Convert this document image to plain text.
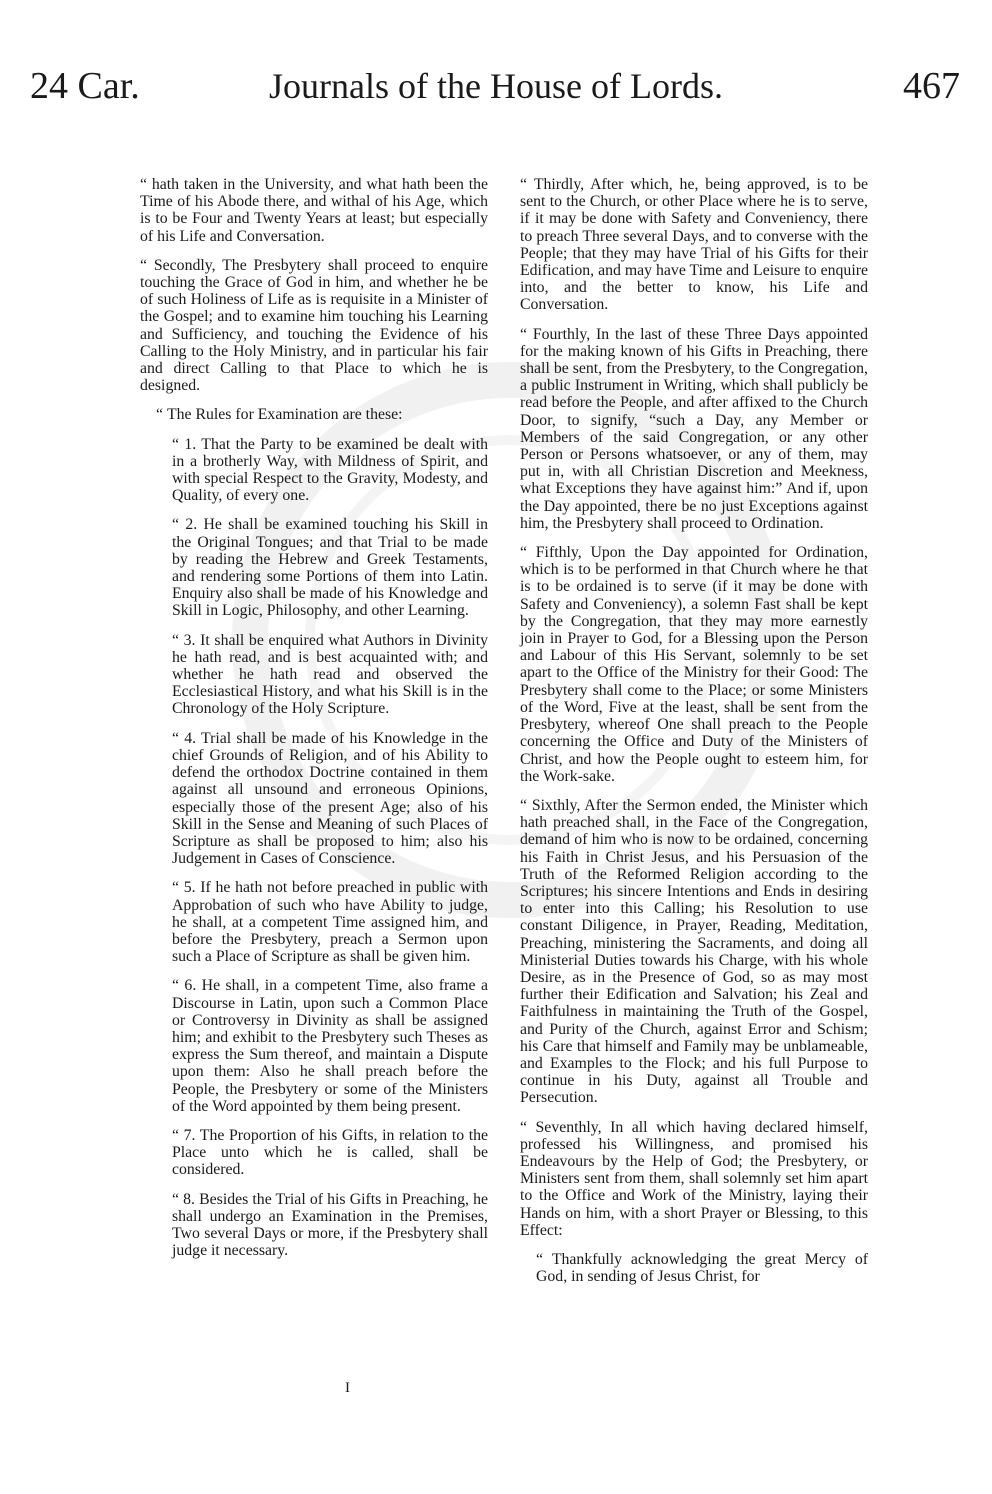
24 Car.	Journals of the House of Lords.	467

“ hath taken in the University, and what hath been the Time of his Abode there, and withal of his Age, which is to be Four and Twenty Years at least; but especially of his Life and Conversation.

“ Secondly, The Presbytery shall proceed to enquire touching the Grace of God in him, and whether he be of such Holiness of Life as is requisite in a Minister of the Gospel; and to examine him touching his Learning and Sufficiency, and touching the Evidence of his Calling to the Holy Ministry, and in particular his fair and direct Calling to that Place to which he is designed.

“ The Rules for Examination are these:

“ 1. That the Party to be examined be dealt with in a brotherly Way, with Mildness of Spirit, and with special Respect to the Gravity, Modesty, and Quality, of every one.

“ 2. He shall be examined touching his Skill in the Original Tongues; and that Trial to be made by reading the Hebrew and Greek Testaments, and rendering some Portions of them into Latin. Enquiry also shall be made of his Knowledge and Skill in Logic, Philosophy, and other Learning.

“ 3. It shall be enquired what Authors in Divinity he hath read, and is best acquainted with; and whether he hath read and observed the Ecclesiastical History, and what his Skill is in the Chronology of the Holy Scripture.

“ 4. Trial shall be made of his Knowledge in the chief Grounds of Religion, and of his Ability to defend the orthodox Doctrine contained in them against all unsound and erroneous Opinions, especially those of the present Age; also of his Skill in the Sense and Meaning of such Places of Scripture as shall be proposed to him; also his Judgement in Cases of Conscience.

“ 5. If he hath not before preached in public with Approbation of such who have Ability to judge, he shall, at a competent Time assigned him, and before the Presbytery, preach a Sermon upon such a Place of Scripture as shall be given him.

“ 6. He shall, in a competent Time, also frame a Discourse in Latin, upon such a Common Place or Controversy in Divinity as shall be assigned him; and exhibit to the Presbytery such Theses as express the Sum thereof, and maintain a Dispute upon them: Also he shall preach before the People, the Presbytery or some of the Ministers of the Word appointed by them being present.

“ 7. The Proportion of his Gifts, in relation to the Place unto which he is called, shall be considered.

“ 8. Besides the Trial of his Gifts in Preaching, he shall undergo an Examination in the Premises, Two several Days or more, if the Presbytery shall judge it necessary.

“ Thirdly, After which, he, being approved, is to be sent to the Church, or other Place where he is to serve, if it may be done with Safety and Conveniency, there to preach Three several Days, and to converse with the People; that they may have Trial of his Gifts for their Edification, and may have Time and Leisure to enquire into, and the better to know, his Life and Conversation.

“ Fourthly, In the last of these Three Days appointed for the making known of his Gifts in Preaching, there shall be sent, from the Presbytery, to the Congregation, a public Instrument in Writing, which shall publicly be read before the People, and after affixed to the Church Door, to signify, “such a Day, any Member or Members of the said Congregation, or any other Person or Persons whatsoever, or any of them, may put in, with all Christian Discretion and Meekness, what Exceptions they have against him:” And if, upon the Day appointed, there be no just Exceptions against him, the Presbytery shall proceed to Ordination.

“ Fifthly, Upon the Day appointed for Ordination, which is to be performed in that Church where he that is to be ordained is to serve (if it may be done with Safety and Conveniency), a solemn Fast shall be kept by the Congregation, that they may more earnestly join in Prayer to God, for a Blessing upon the Person and Labour of this His Servant, solemnly to be set apart to the Office of the Ministry for their Good: The Presbytery shall come to the Place; or some Ministers of the Word, Five at the least, shall be sent from the Presbytery, whereof One shall preach to the People concerning the Office and Duty of the Ministers of Christ, and how the People ought to esteem him, for the Work-sake.

“ Sixthly, After the Sermon ended, the Minister which hath preached shall, in the Face of the Congregation, demand of him who is now to be ordained, concerning his Faith in Christ Jesus, and his Persuasion of the Truth of the Reformed Religion according to the Scriptures; his sincere Intentions and Ends in desiring to enter into this Calling; his Resolution to use constant Diligence, in Prayer, Reading, Meditation, Preaching, ministering the Sacraments, and doing all Ministerial Duties towards his Charge, with his whole Desire, as in the Presence of God, so as may most further their Edification and Salvation; his Zeal and Faithfulness in maintaining the Truth of the Gospel, and Purity of the Church, against Error and Schism; his Care that himself and Family may be unblameable, and Examples to the Flock; and his full Purpose to continue in his Duty, against all Trouble and Persecution.

“ Seventhly, In all which having declared himself, professed his Willingness, and promised his Endeavours by the Help of God; the Presbytery, or Ministers sent from them, shall solemnly set him apart to the Office and Work of the Ministry, laying their Hands on him, with a short Prayer or Blessing, to this Effect:

“ Thankfully acknowledging the great Mercy of God, in sending of Jesus Christ, for

I
